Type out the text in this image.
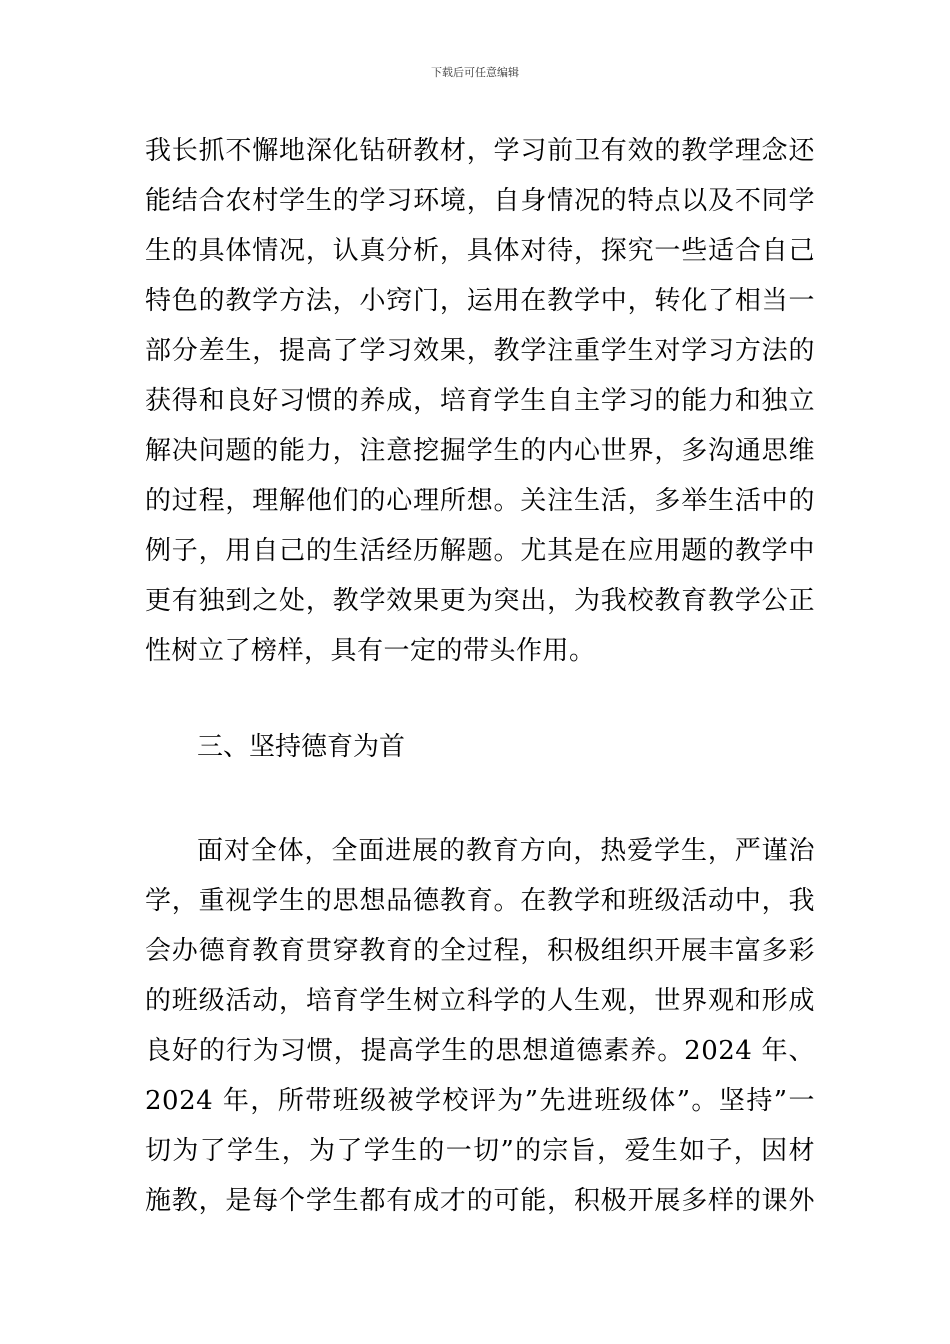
下载后可任意编辑
我长抓不懈地深化钻研教材，学习前卫有效的教学理念还
能结合农村学生的学习环境，自身情况的特点以及不同学
生的具体情况，认真分析，具体对待，探究一些适合自己
特色的教学方法，小窍门，运用在教学中，转化了相当一
部分差生，提高了学习效果，教学注重学生对学习方法的
获得和良好习惯的养成，培育学生自主学习的能力和独立
解决问题的能力，注意挖掘学生的内心世界，多沟通思维
的过程，理解他们的心理所想。关注生活，多举生活中的
例子，用自己的生活经历解题。尤其是在应用题的教学中
更有独到之处，教学效果更为突出，为我校教育教学公正
性树立了榜样，具有一定的带头作用。
三、坚持德育为首
面对全体，全面进展的教育方向，热爱学生，严谨治
学，重视学生的思想品德教育。在教学和班级活动中，我
会办德育教育贯穿教育的全过程，积极组织开展丰富多彩
的班级活动，培育学生树立科学的人生观，世界观和形成
良好的行为习惯，提高学生的思想道德素养。2024 年、
2024 年，所带班级被学校评为”先进班级体”。坚持”一
切为了学生，为了学生的一切”的宗旨，爱生如子，因材
施教，是每个学生都有成才的可能，积极开展多样的课外
